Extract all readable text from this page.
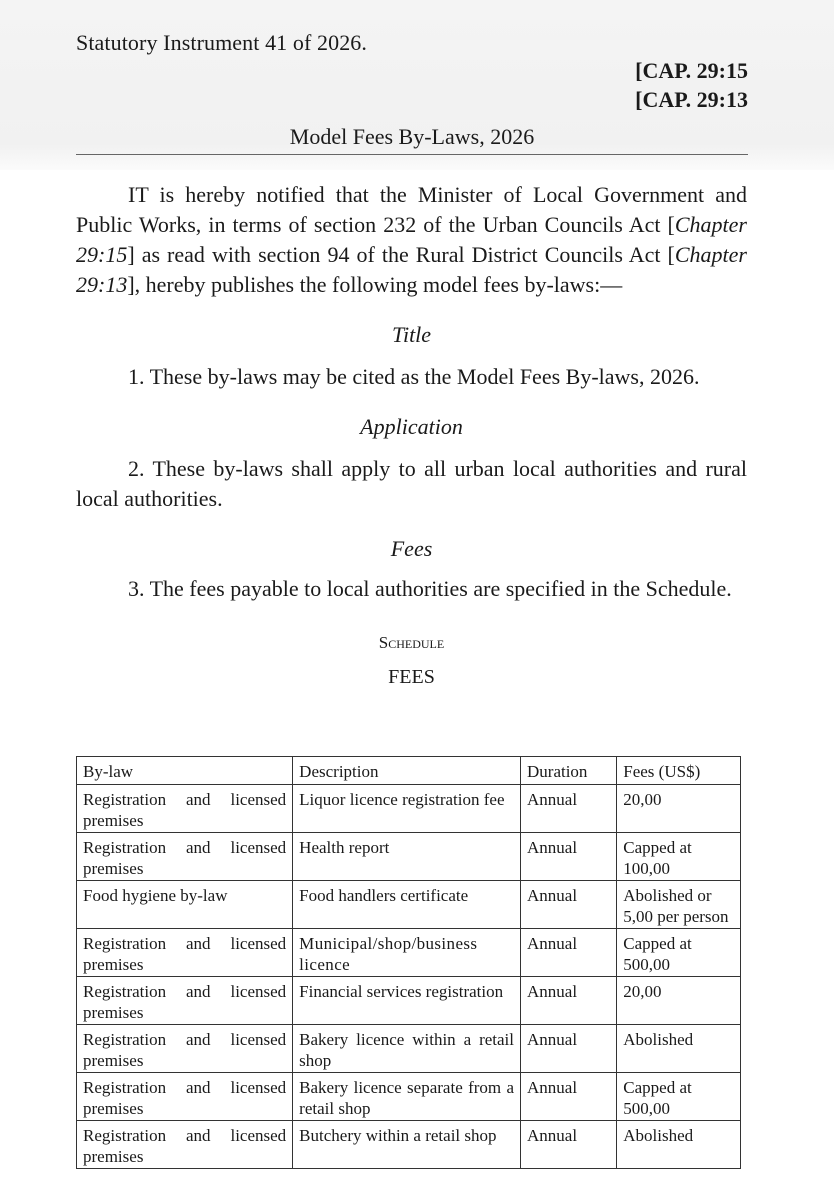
Statutory Instrument 41 of 2026.
[CAP. 29:15
[CAP. 29:13
Model Fees By-Laws, 2026

IT is hereby notified that the Minister of Local Government and Public Works, in terms of section 232 of the Urban Councils Act [Chapter 29:15] as read with section 94 of the Rural District Councils Act [Chapter 29:13], hereby publishes the following model fees by-laws:—

Title

1. These by-laws may be cited as the Model Fees By-laws, 2026.

Application

2. These by-laws shall apply to all urban local authorities and rural local authorities.

Fees

3. The fees payable to local authorities are specified in the Schedule.

Schedule

FEES

By-law	Description	Duration	Fees (US$)
Registration and licensed premises	Liquor licence registration fee	Annual	20,00

Registration and licensed premises	Health report	Annual	Capped at
100,00

Food hygiene by-law	Food handlers certificate	Annual	Abolished or
5,00 per person

Registration and licensed premises	Municipal/shop/business licence	Annual	Capped at
500,00

Registration and licensed premises	Financial services registration	Annual	20,00

Registration and licensed premises	Bakery licence within a retail shop	Annual	Abolished

Registration and licensed premises	Bakery licence separate from a retail shop	Annual	Capped at
500,00

Registration and licensed premises	Butchery within a retail shop	Annual	Abolished
